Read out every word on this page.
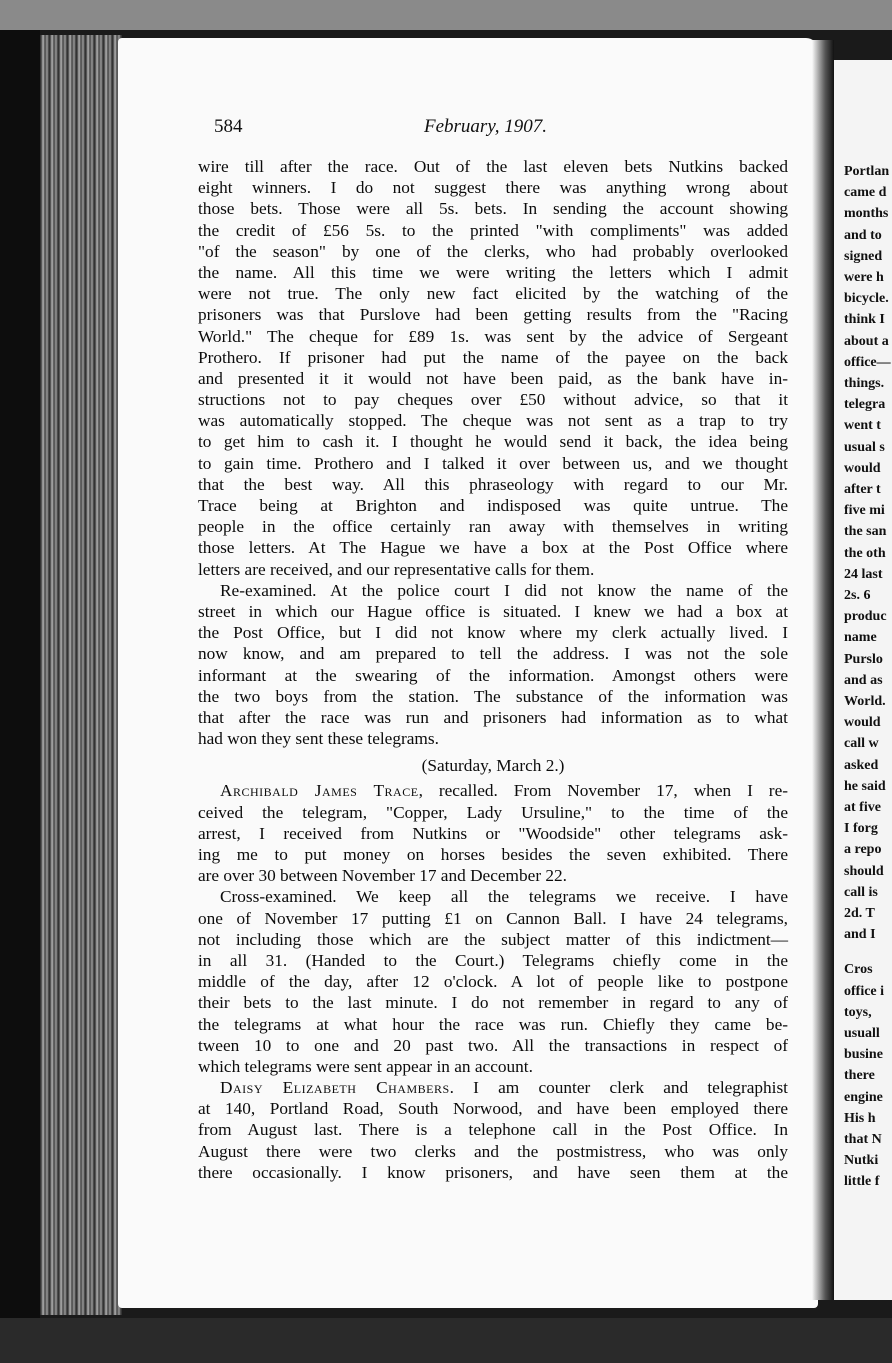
Portlan
came d
months
and to
signed
were h
bicycle.
think I
about a
office—
things.
telegra
went t
usual s
would
after t
five mi
the san
the oth
24 last
2s. 6
produc
name
Purslo
and as
World.
would
call w
asked
he said
at five
I forg
a repo
should
call is
2d. T
and I
Cros
office i
toys,
usuall
busine
there
engine
His h
that N
Nutki
little f
584	February, 1907.
wire till after the race. Out of the last eleven bets Nutkins backed
eight winners. I do not suggest there was anything wrong about
those bets. Those were all 5s. bets. In sending the account showing
the credit of £56 5s. to the printed "with compliments" was added
"of the season" by one of the clerks, who had probably overlooked
the name. All this time we were writing the letters which I admit
were not true. The only new fact elicited by the watching of the
prisoners was that Purslove had been getting results from the "Racing
World." The cheque for £89 1s. was sent by the advice of Sergeant
Prothero. If prisoner had put the name of the payee on the back
and presented it it would not have been paid, as the bank have in-
structions not to pay cheques over £50 without advice, so that it
was automatically stopped. The cheque was not sent as a trap to try
to get him to cash it. I thought he would send it back, the idea being
to gain time. Prothero and I talked it over between us, and we thought
that the best way. All this phraseology with regard to our Mr.
Trace being at Brighton and indisposed was quite untrue. The
people in the office certainly ran away with themselves in writing
those letters. At The Hague we have a box at the Post Office where
letters are received, and our representative calls for them.
Re-examined. At the police court I did not know the name of the
street in which our Hague office is situated. I knew we had a box at
the Post Office, but I did not know where my clerk actually lived. I
now know, and am prepared to tell the address. I was not the sole
informant at the swearing of the information. Amongst others were
the two boys from the station. The substance of the information was
that after the race was run and prisoners had information as to what
had won they sent these telegrams.
(Saturday, March 2.)
Archibald James Trace, recalled. From November 17, when I re-
ceived the telegram, "Copper, Lady Ursuline," to the time of the
arrest, I received from Nutkins or "Woodside" other telegrams ask-
ing me to put money on horses besides the seven exhibited. There
are over 30 between November 17 and December 22.
Cross-examined. We keep all the telegrams we receive. I have
one of November 17 putting £1 on Cannon Ball. I have 24 telegrams,
not including those which are the subject matter of this indictment—
in all 31. (Handed to the Court.) Telegrams chiefly come in the
middle of the day, after 12 o'clock. A lot of people like to postpone
their bets to the last minute. I do not remember in regard to any of
the telegrams at what hour the race was run. Chiefly they came be-
tween 10 to one and 20 past two. All the transactions in respect of
which telegrams were sent appear in an account.
Daisy Elizabeth Chambers. I am counter clerk and telegraphist
at 140, Portland Road, South Norwood, and have been employed there
from August last. There is a telephone call in the Post Office. In
August there were two clerks and the postmistress, who was only
there occasionally. I know prisoners, and have seen them at the
